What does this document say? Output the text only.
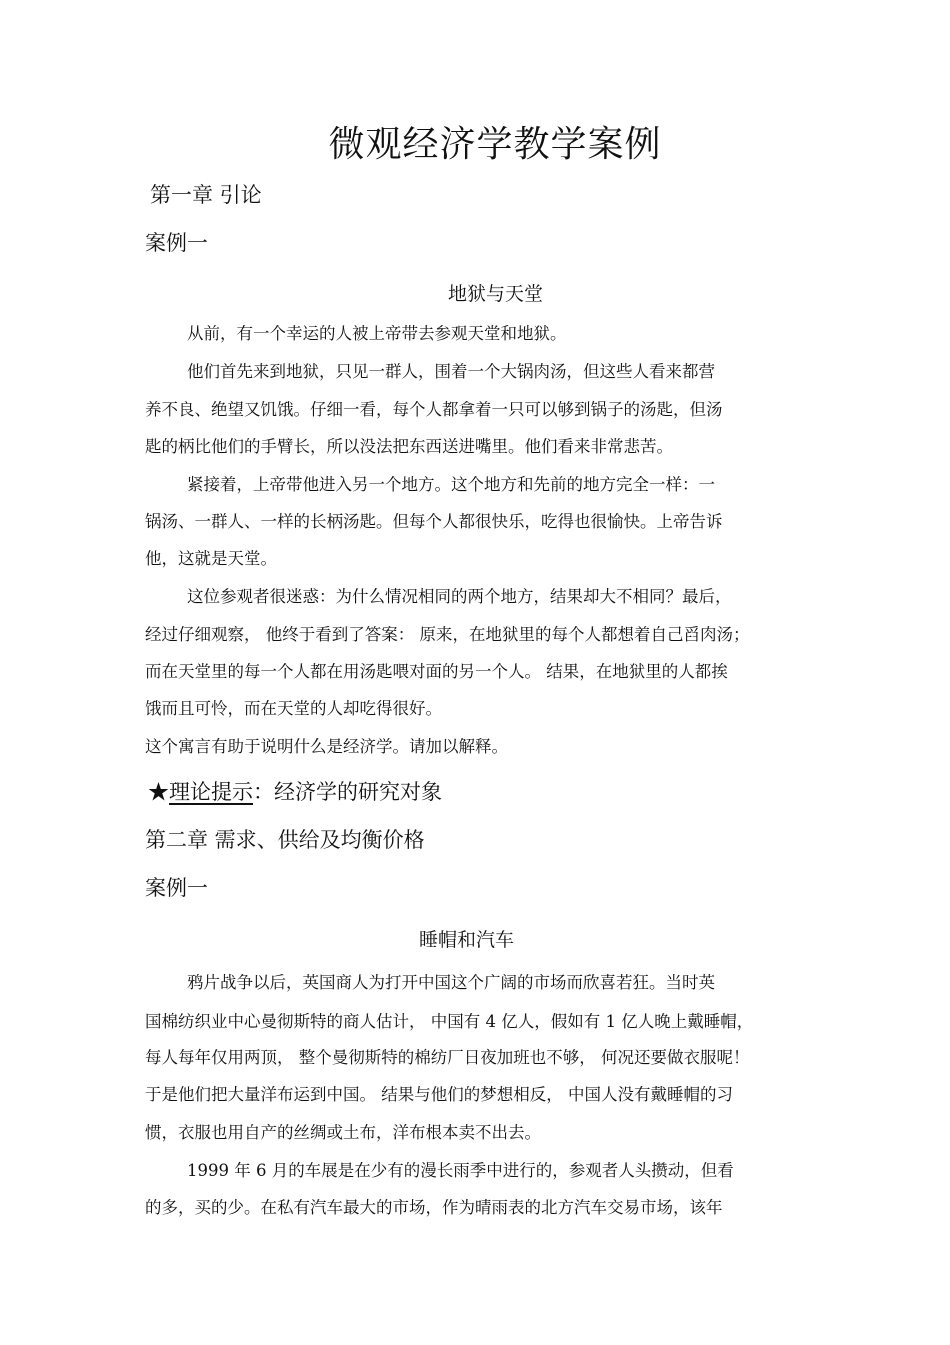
微观经济学教学案例
第一章 引论
案例一
地狱与天堂
从前，有一个幸运的人被上帝带去参观天堂和地狱。
他们首先来到地狱，只见一群人，围着一个大锅肉汤，但这些人看来都营
养不良、绝望又饥饿。仔细一看，每个人都拿着一只可以够到锅子的汤匙，但汤
匙的柄比他们的手臂长，所以没法把东西送进嘴里。他们看来非常悲苦。
紧接着，上帝带他进入另一个地方。这个地方和先前的地方完全一样：一
锅汤、一群人、一样的长柄汤匙。但每个人都很快乐，吃得也很愉快。上帝告诉
他，这就是天堂。
这位参观者很迷惑：为什么情况相同的两个地方，结果却大不相同？最后，
经过仔细观察， 他终于看到了答案： 原来，在地狱里的每个人都想着自己舀肉汤；
而在天堂里的每一个人都在用汤匙喂对面的另一个人。 结果，在地狱里的人都挨
饿而且可怜，而在天堂的人却吃得很好。
这个寓言有助于说明什么是经济学。请加以解释。
★理论提示：经济学的研究对象
第二章 需求、供给及均衡价格
案例一
睡帽和汽车
鸦片战争以后，英国商人为打开中国这个广阔的市场而欣喜若狂。当时英
国棉纺织业中心曼彻斯特的商人估计， 中国有 4 亿人，假如有 1 亿人晚上戴睡帽，
每人每年仅用两顶， 整个曼彻斯特的棉纺厂日夜加班也不够， 何况还要做衣服呢！
于是他们把大量洋布运到中国。 结果与他们的梦想相反， 中国人没有戴睡帽的习
惯，衣服也用自产的丝绸或土布，洋布根本卖不出去。
1999 年 6 月的车展是在少有的漫长雨季中进行的，参观者人头攒动，但看
的多，买的少。在私有汽车最大的市场，作为晴雨表的北方汽车交易市场，该年
